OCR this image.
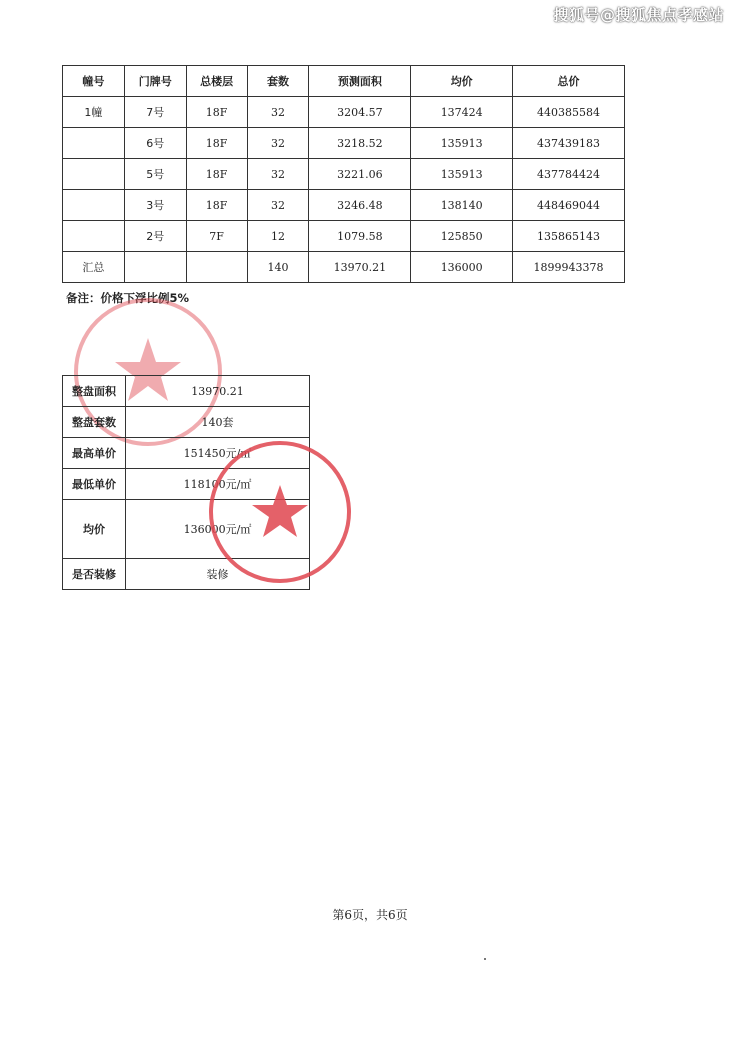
搜狐号@搜狐焦点孝感站
幢号	门牌号	总楼层	套数	预测面积	均价	总价
1幢	7号	18F	32	3204.57	137424	440385584
	6号	18F	32	3218.52	135913	437439183
	5号	18F	32	3221.06	135913	437784424
	3号	18F	32	3246.48	138140	448469044
	2号	7F	12	1079.58	125850	135865143
汇总			140	13970.21	136000	1899943378
备注：价格下浮比例5%
整盘面积	13970.21
整盘套数	140套
最高单价	151450元/㎡
最低单价	118100元/㎡
均价	136000元/㎡
是否装修	装修
第6页，共6页
